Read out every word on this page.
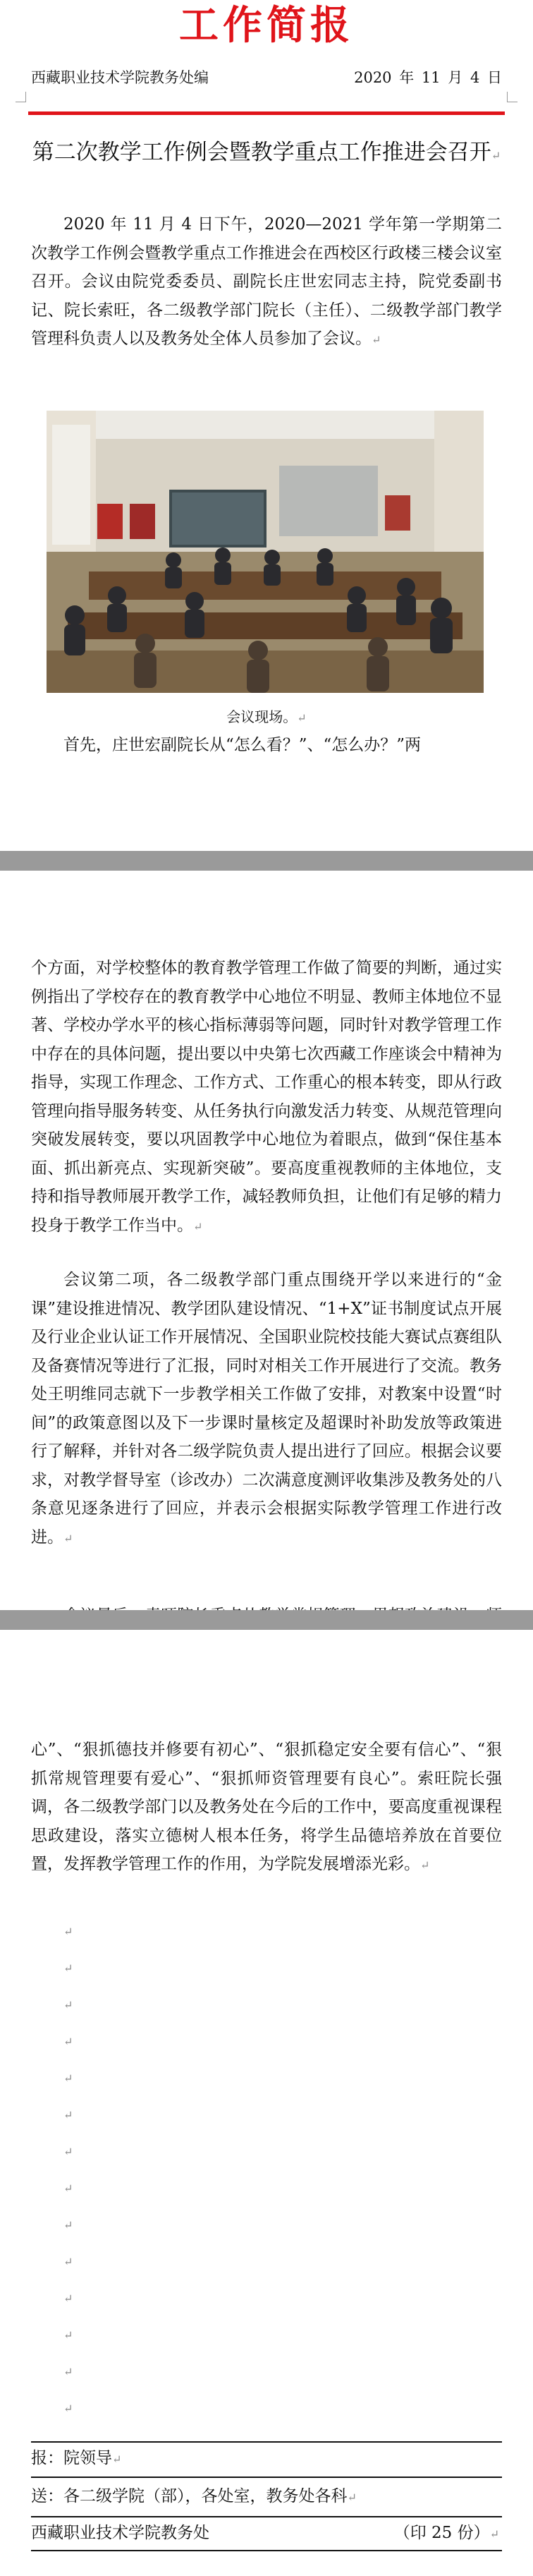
工作简报
西藏职业技术学院教务处编	2020 年 11 月 4 日
第二次教学工作例会暨教学重点工作推进会召开↵

2020 年 11 月 4 日下午，2020—2021 学年第一学期第二次教学工作例会暨教学重点工作推进会在西校区行政楼三楼会议室召开。会议由院党委委员、副院长庄世宏同志主持，院党委副书记、院长索旺，各二级教学部门院长（主任）、二级教学部门教学管理科负责人以及教务处全体人员参加了会议。↵

会议现场。↵

首先，庄世宏副院长从“怎么看？”、“怎么办？”两

个方面，对学校整体的教育教学管理工作做了简要的判断，通过实例指出了学校存在的教育教学中心地位不明显、教师主体地位不显著、学校办学水平的核心指标薄弱等问题，同时针对教学管理工作中存在的具体问题，提出要以中央第七次西藏工作座谈会中精神为指导，实现工作理念、工作方式、工作重心的根本转变，即从行政管理向指导服务转变、从任务执行向激发活力转变、从规范管理向突破发展转变，要以巩固教学中心地位为着眼点，做到“保住基本面、抓出新亮点、实现新突破”。要高度重视教师的主体地位，支持和指导教师展开教学工作，减轻教师负担，让他们有足够的精力投身于教学工作当中。↵

会议第二项，各二级教学部门重点围绕开学以来进行的“金课”建设推进情况、教学团队建设情况、“1+X”证书制度试点开展及行业企业认证工作开展情况、全国职业院校技能大赛试点赛组队及备赛情况等进行了汇报，同时对相关工作开展进行了交流。教务处王明维同志就下一步教学相关工作做了安排，对教案中设置“时间”的政策意图以及下一步课时量核定及超课时补助发放等政策进行了解释，并针对各二级学院负责人提出进行了回应。根据会议要求，对教学督导室（诊改办）二次满意度测评收集涉及教务处的八条意见逐条进行了回应，并表示会根据实际教学管理工作进行改进。↵

心”、“狠抓德技并修要有初心”、“狠抓稳定安全要有信心”、“狠抓常规管理要有爱心”、“狠抓师资管理要有良心”。索旺院长强调，各二级教学部门以及教务处在今后的工作中，要高度重视课程思政建设，落实立德树人根本任务，将学生品德培养放在首要位置，发挥教学管理工作的作用，为学院发展增添光彩。↵

↵
↵
↵
↵
↵
↵
↵
↵
↵
↵
↵
↵
↵
↵
报：院领导↵
送：各二级学院（部），各处室，教务处各科↵
西藏职业技术学院教务处	（印 25 份）↵
